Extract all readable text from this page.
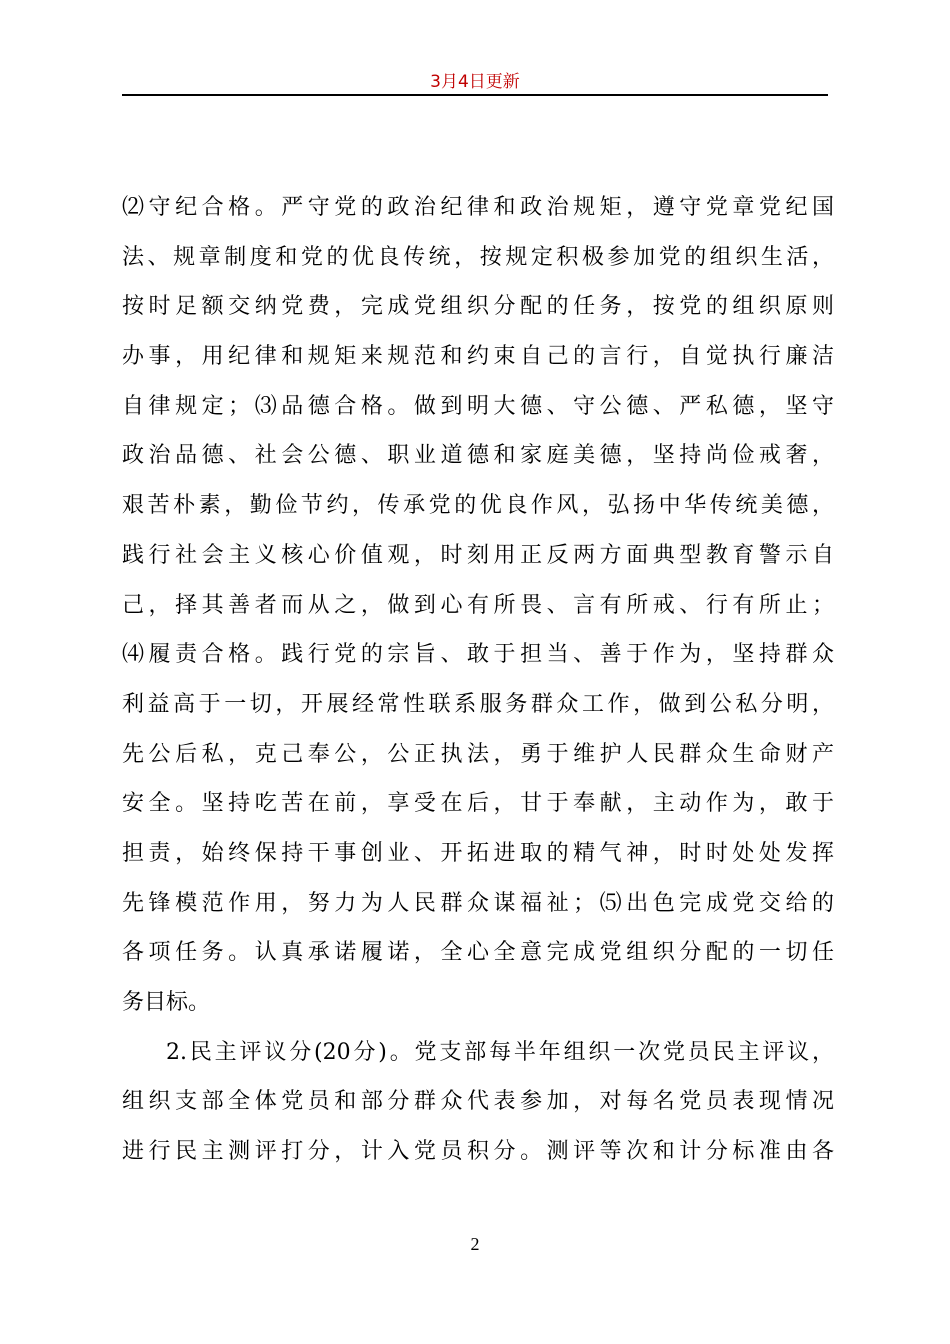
3月4日更新
⑵守纪合格。严守党的政治纪律和政治规矩，遵守党章党纪国
法、规章制度和党的优良传统，按规定积极参加党的组织生活，
按时足额交纳党费，完成党组织分配的任务，按党的组织原则
办事，用纪律和规矩来规范和约束自己的言行，自觉执行廉洁
自律规定；⑶品德合格。做到明大德、守公德、严私德，坚守
政治品德、社会公德、职业道德和家庭美德，坚持尚俭戒奢，
艰苦朴素，勤俭节约，传承党的优良作风，弘扬中华传统美德，
践行社会主义核心价值观，时刻用正反两方面典型教育警示自
己，择其善者而从之，做到心有所畏、言有所戒、行有所止；
⑷履责合格。践行党的宗旨、敢于担当、善于作为，坚持群众
利益高于一切，开展经常性联系服务群众工作，做到公私分明，
先公后私，克己奉公，公正执法，勇于维护人民群众生命财产
安全。坚持吃苦在前，享受在后，甘于奉献，主动作为，敢于
担责，始终保持干事创业、开拓进取的精气神，时时处处发挥
先锋模范作用，努力为人民群众谋福祉；⑸出色完成党交给的
各项任务。认真承诺履诺，全心全意完成党组织分配的一切任
务目标。
2.民主评议分(20分)。党支部每半年组织一次党员民主评议，
组织支部全体党员和部分群众代表参加，对每名党员表现情况
进行民主测评打分，计入党员积分。测评等次和计分标准由各
2
